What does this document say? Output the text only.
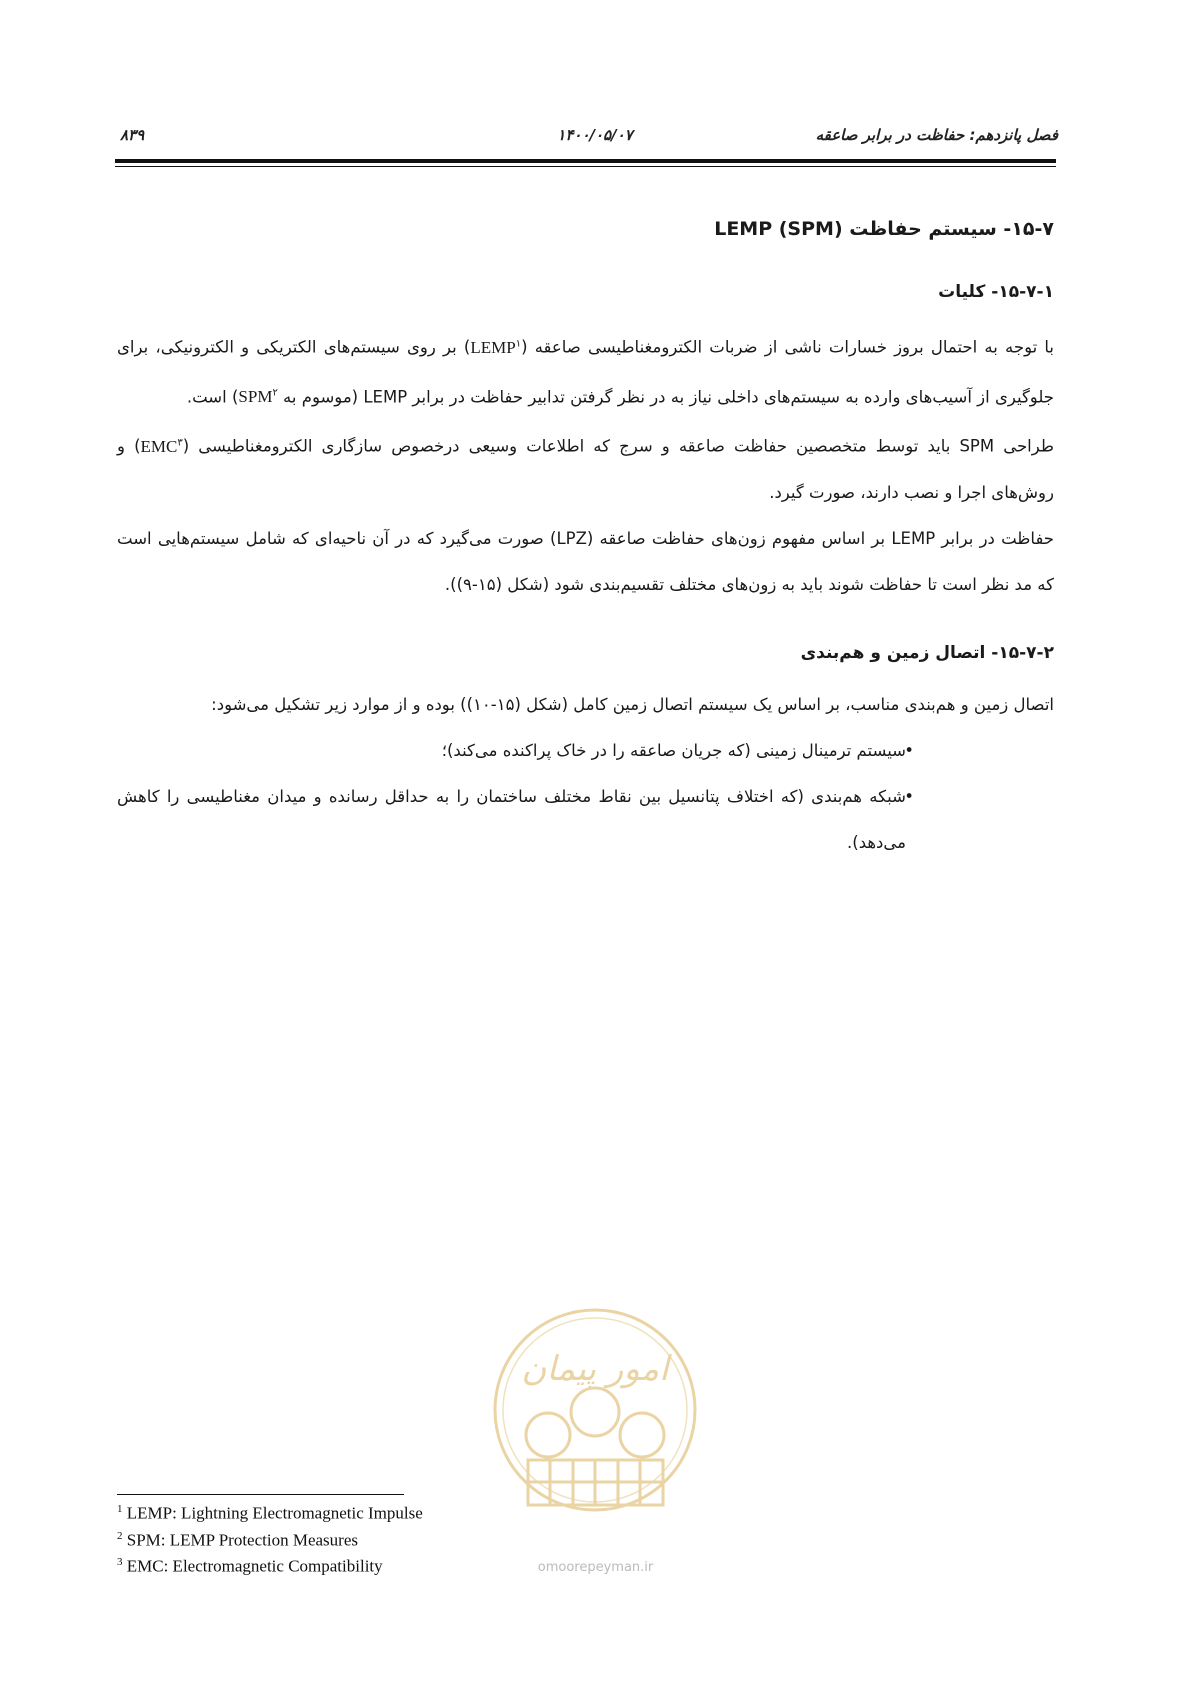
فصل پانزدهم: حفاظت در برابر صاعقه
۱۴۰۰/۰۵/۰۷
۸۳۹
۱۵-۷- سیستم حفاظت LEMP (SPM)
۱۵-۷-۱- کلیات

با توجه به احتمال بروز خسارات ناشی از ضربات الکترومغناطیسی صاعقه (LEMP$^۱$) بر روی سیستم‌های الکتریکی و الکترونیکی، برای جلوگیری از آسیب‌های وارده به سیستم‌های داخلی نیاز به در نظر گرفتن تدابیر حفاظت در برابر LEMP (موسوم به SPM$^۲$) است.

طراحی SPM باید توسط متخصصین حفاظت صاعقه و سرج که اطلاعات وسیعی درخصوص سازگاری الکترومغناطیسی (EMC$^۳$) و روش‌های اجرا و نصب دارند، صورت گیرد.

حفاظت در برابر LEMP بر اساس مفهوم زون‌های حفاظت صاعقه (LPZ) صورت می‌گیرد که در آن ناحیه‌ای که شامل سیستم‌هایی است که مد نظر است تا حفاظت شوند باید به زون‌های مختلف تقسیم‌بندی شود (شکل (۱۵-۹)).

۱۵-۷-۲- اتصال زمین و هم‌بندی

اتصال زمین و هم‌بندی مناسب، بر اساس یک سیستم اتصال زمین کامل (شکل (۱۵-۱۰)) بوده و از موارد زیر تشکیل می‌شود:

•
سیستم ترمینال زمینی (که جریان صاعقه را در خاک پراکنده می‌کند)؛
•
شبکه هم‌بندی (که اختلاف پتانسیل بین نقاط مختلف ساختمان را به حداقل رسانده و میدان مغناطیسی را کاهش می‌دهد).
امور پیمان
omoorepeyman.ir
$^1$ LEMP: Lightning Electromagnetic Impulse
$^2$ SPM: LEMP Protection Measures
$^3$ EMC: Electromagnetic Compatibility
